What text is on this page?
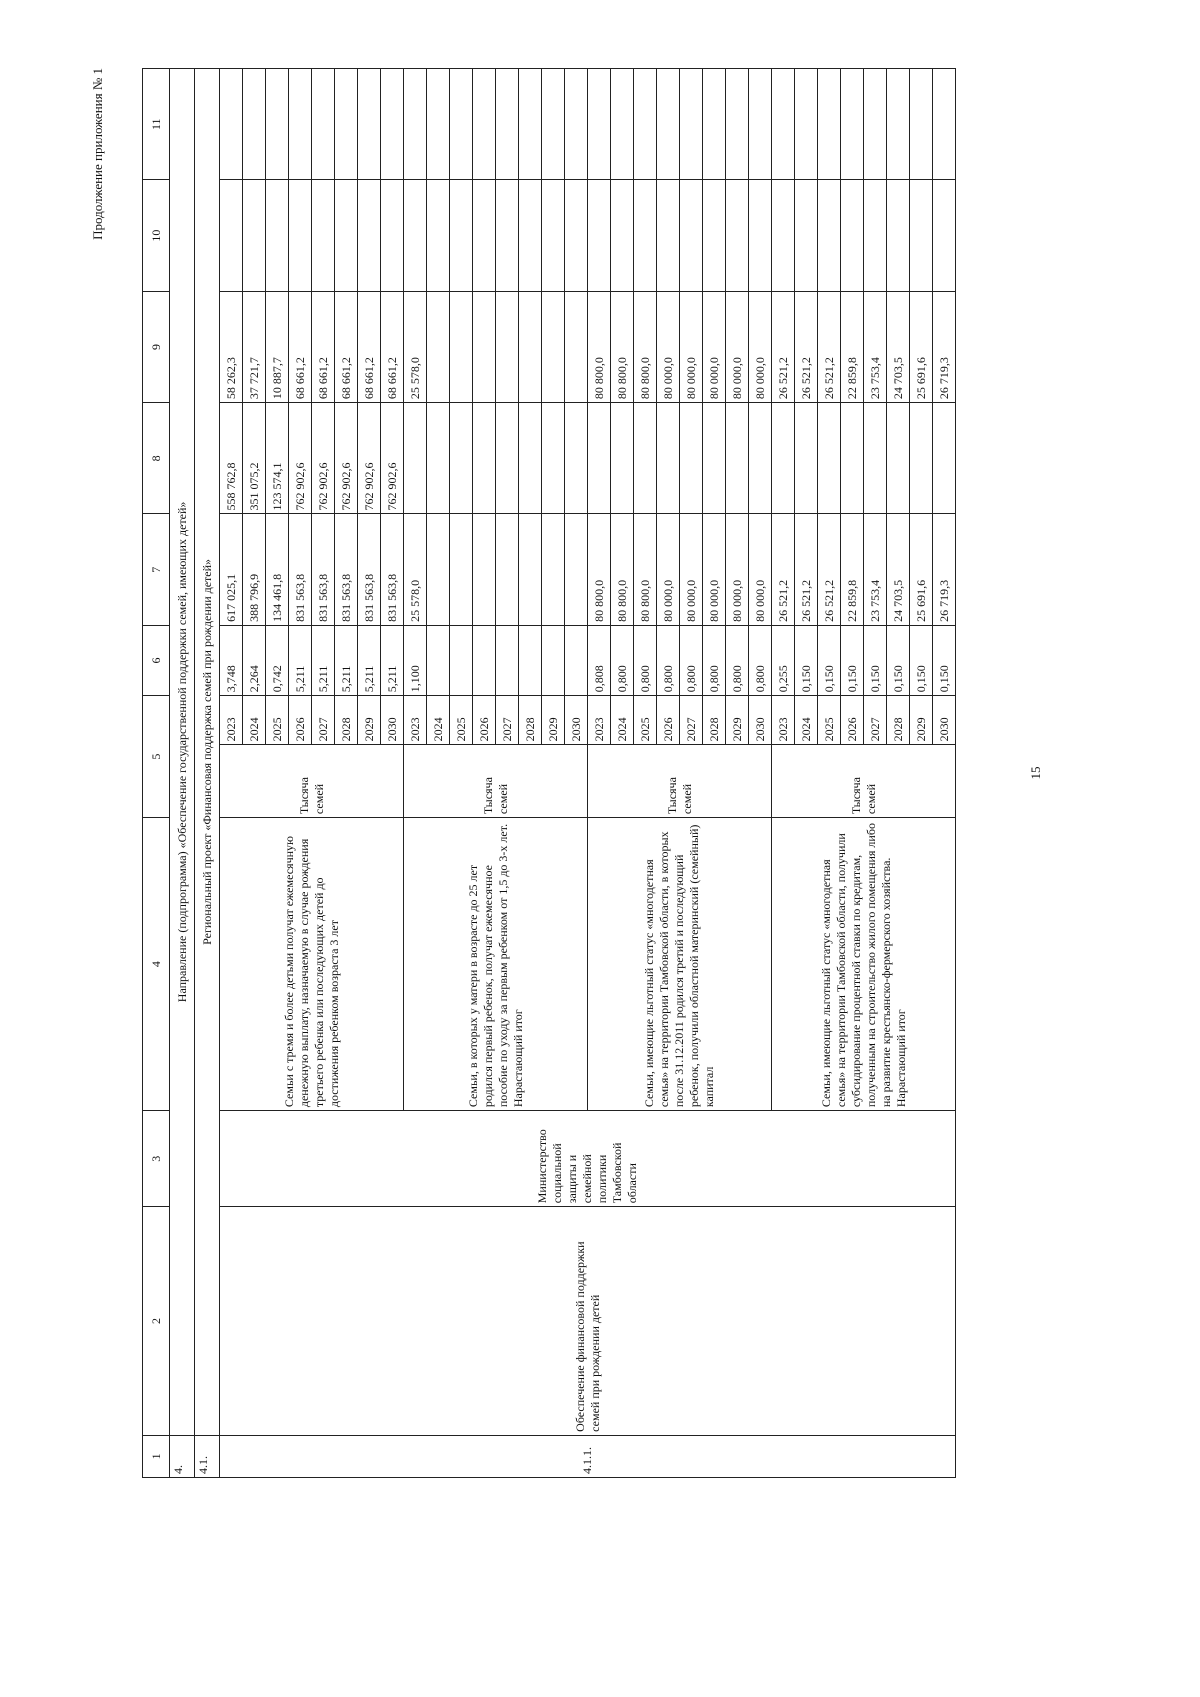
Продолжение приложения № 1
15
1	2	3	4	5		6	7	8	9	10	11
4.	Направление (подпрограмма) «Обеспечение государственной поддержки семей, имеющих детей»										
4.1.	Региональный проект «Финансовая поддержка семей при рождении детей»										
4.1.1.	Обеспечение финансовой поддержки семей при рождении детей	Министерство социальной защиты и семейной политики Тамбовской области	Семьи с тремя и более детьми получат ежемесячную денежную выплату, назначаемую в случае рождения третьего ребенка или последующих детей до достижения ребенком возраста 3 лет	Тысяча семей	2023	3,748	617 025,1	558 762,8	58 262,3		
					2024	2,264	388 796,9	351 075,2	37 721,7		
					2025	0,742	134 461,8	123 574,1	10 887,7		
					2026	5,211	831 563,8	762 902,6	68 661,2		
					2027	5,211	831 563,8	762 902,6	68 661,2		
					2028	5,211	831 563,8	762 902,6	68 661,2		
					2029	5,211	831 563,8	762 902,6	68 661,2		
					2030	5,211	831 563,8	762 902,6	68 661,2		
			Семьи, в которых у матери в возрасте до 25 лет родился первый ребенок, получат ежемесячное пособие по уходу за первым ребенком от 1,5 до 3-х лет. Нарастающий итог	Тысяча семей	2023	1,100	25 578,0		25 578,0		
					2024						
					2025						
					2026						
					2027						
					2028						
					2029						
					2030						
			Семьи, имеющие льготный статус «многодетная семья» на территории Тамбовской области, в которых после 31.12.2011 родился третий и последующий ребенок, получили областной материнский (семейный) капитал	Тысяча семей	2023	0,808	80 800,0		80 800,0		
					2024	0,800	80 800,0		80 800,0		
					2025	0,800	80 800,0		80 800,0		
					2026	0,800	80 000,0		80 000,0		
					2027	0,800	80 000,0		80 000,0		
					2028	0,800	80 000,0		80 000,0		
					2029	0,800	80 000,0		80 000,0		
					2030	0,800	80 000,0		80 000,0		
			Семьи, имеющие льготный статус «многодетная семья» на территории Тамбовской области, получили субсидирование процентной ставки по кредитам, полученным на строительство жилого помещения либо на развитие крестьянско-фермерского хозяйства. Нарастающий итог	Тысяча семей	2023	0,255	26 521,2		26 521,2		
					2024	0,150	26 521,2		26 521,2		
					2025	0,150	26 521,2		26 521,2		
					2026	0,150	22 859,8		22 859,8		
					2027	0,150	23 753,4		23 753,4		
					2028	0,150	24 703,5		24 703,5		
					2029	0,150	25 691,6		25 691,6		
					2030	0,150	26 719,3		26 719,3		
